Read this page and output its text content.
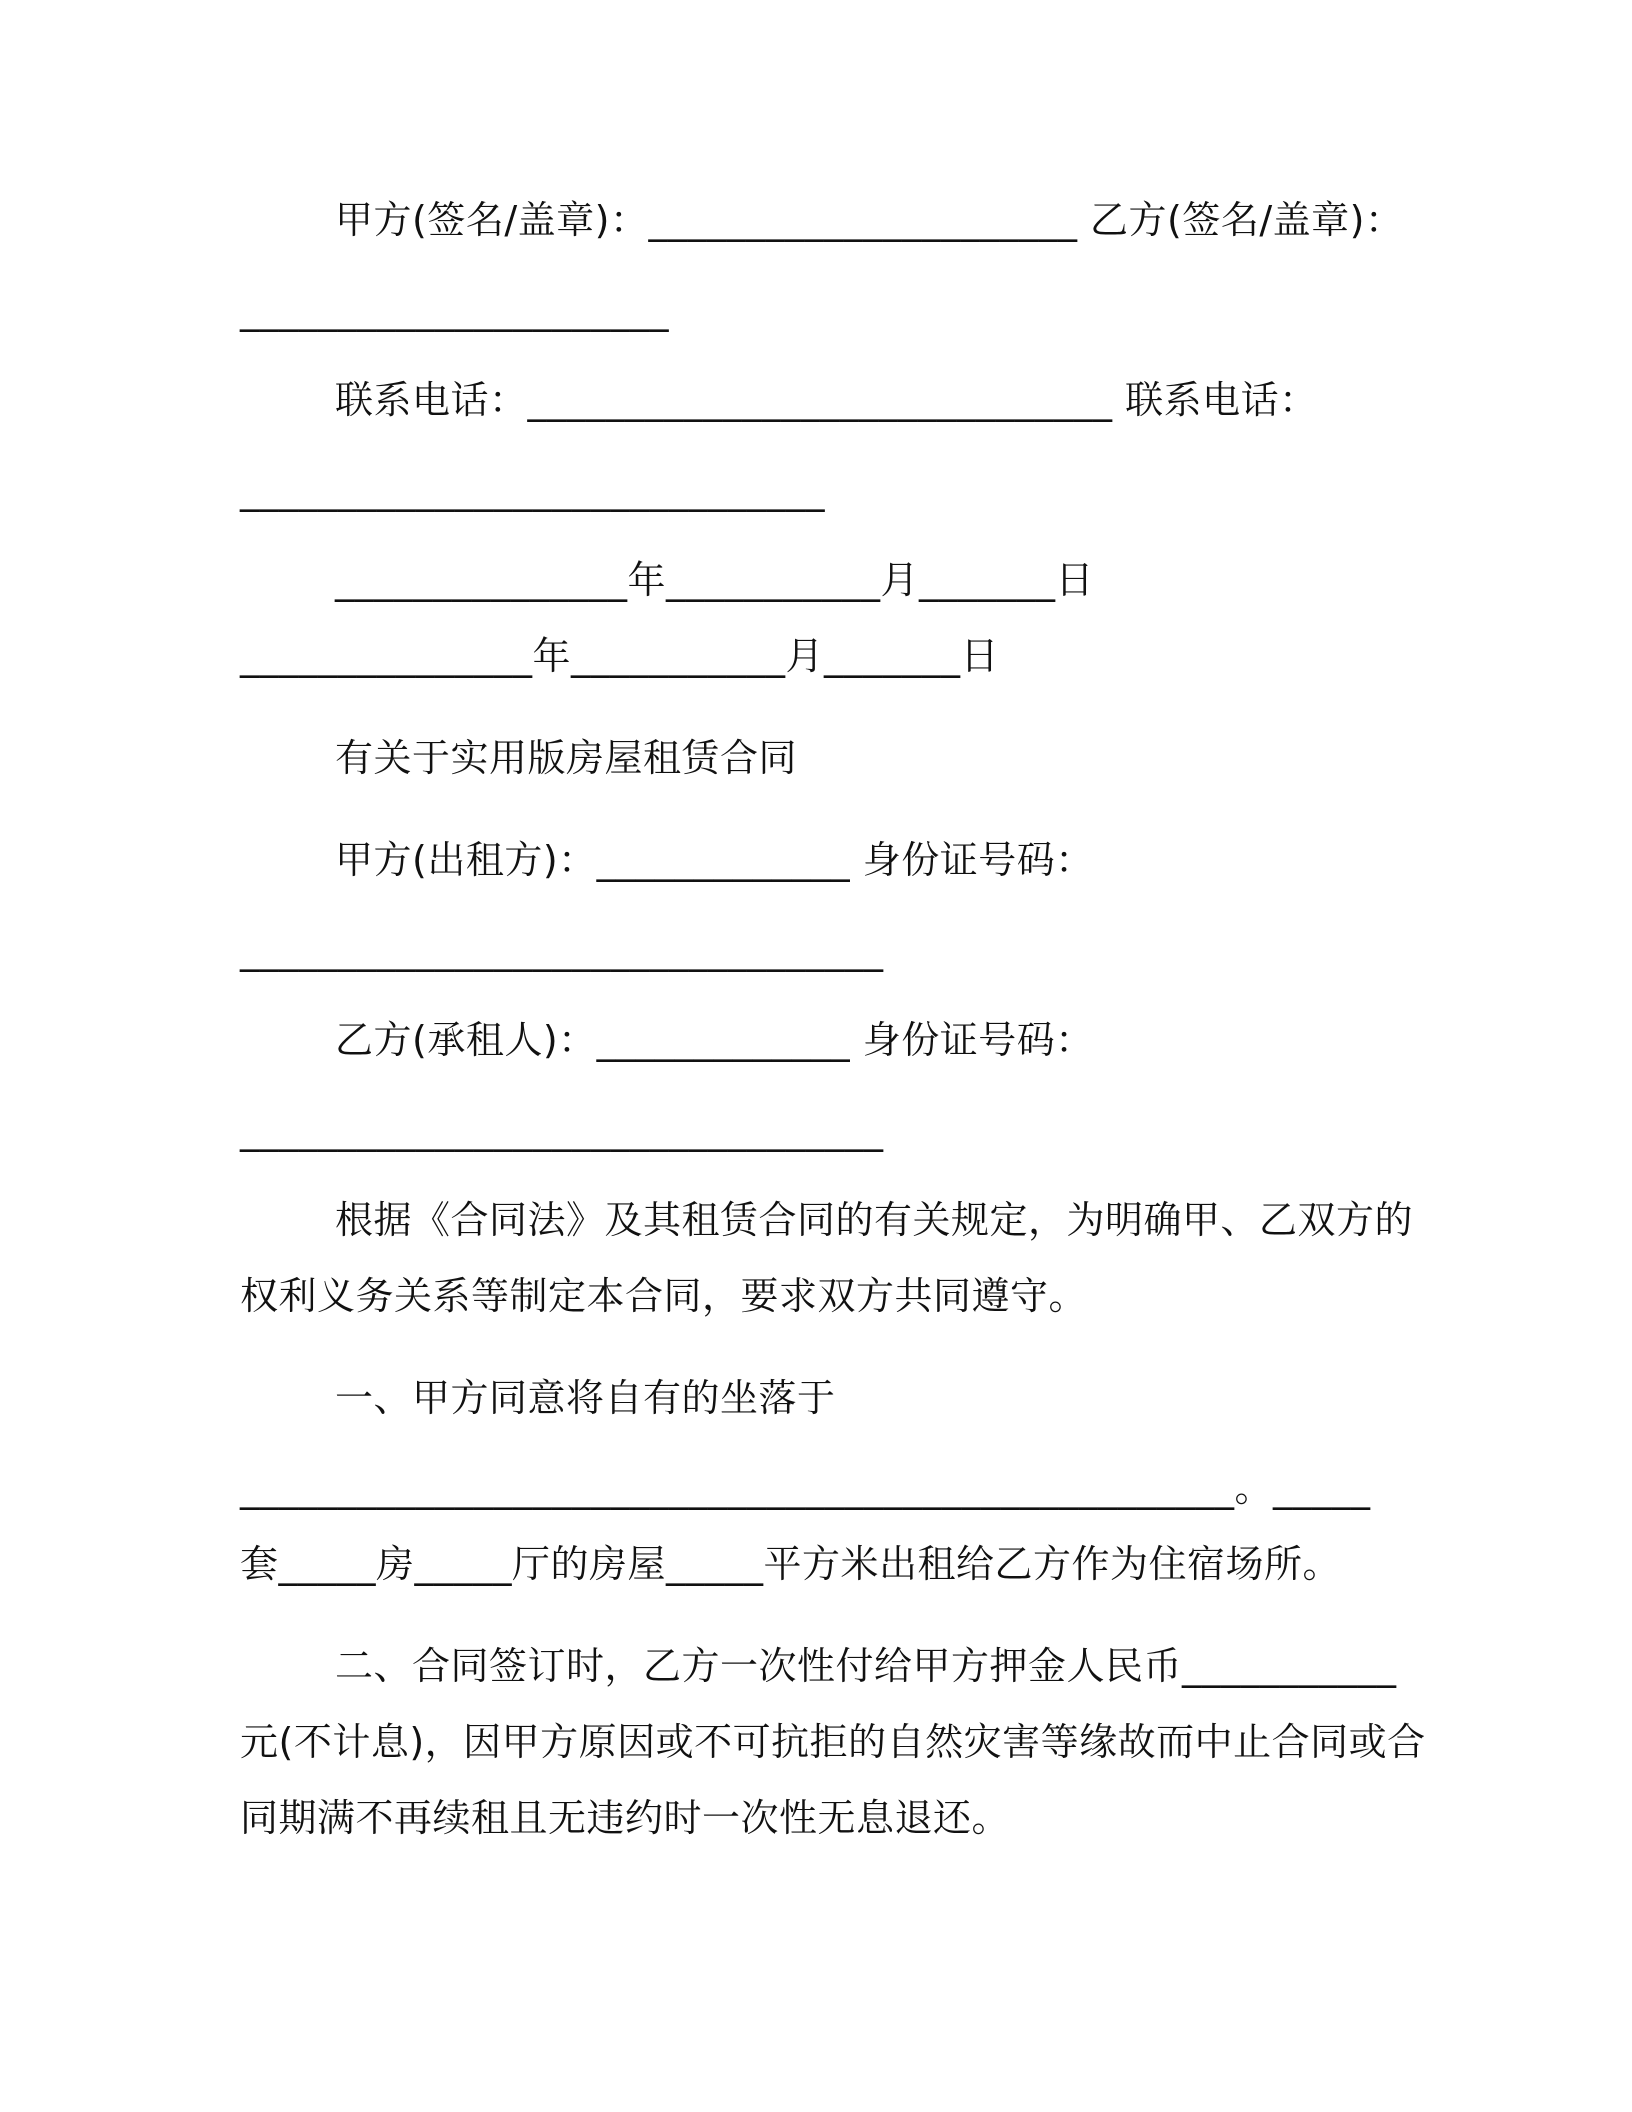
甲方(签名/盖章)：______________________ 乙方(签名/盖章)：
______________________
联系电话：______________________________ 联系电话：
______________________________
_______________年___________月_______日
_______________年___________月_______日
有关于实用版房屋租赁合同
甲方(出租方)：_____________ 身份证号码：
_________________________________
乙方(承租人)：_____________ 身份证号码：
_________________________________
根据《合同法》及其租赁合同的有关规定，为明确甲、乙双方的
权利义务关系等制定本合同，要求双方共同遵守。
一、甲方同意将自有的坐落于
___________________________________________________。_____
套_____房_____厅的房屋_____平方米出租给乙方作为住宿场所。
二、合同签订时，乙方一次性付给甲方押金人民币___________
元(不计息)，因甲方原因或不可抗拒的自然灾害等缘故而中止合同或合
同期满不再续租且无违约时一次性无息退还。
